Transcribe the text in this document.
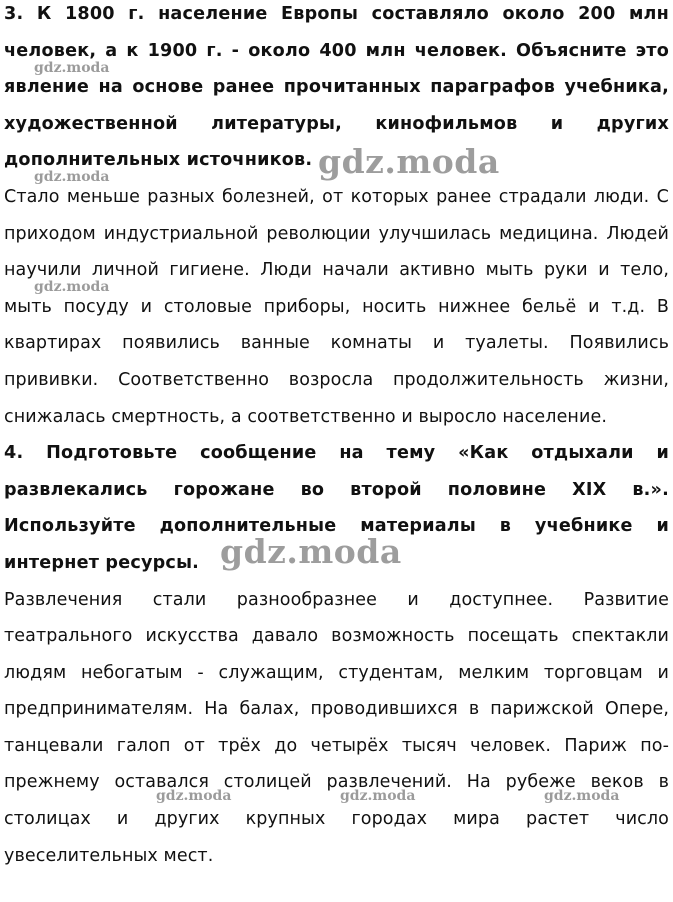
3. К 1800 г. население Европы составляло около 200 млн человек, а к 1900 г. - около 400 млн человек. Объясните это явление на основе ранее прочитанных параграфов учебника, художественной литературы, кинофильмов и других дополнительных источников.

Стало меньше разных болезней, от которых ранее страдали люди. С приходом индустриальной революции улучшилась медицина. Людей научили личной гигиене. Люди начали активно мыть руки и тело, мыть посуду и столовые приборы, носить нижнее бельё и т.д. В квартирах появились ванные комнаты и туалеты. Появились прививки. Соответственно возросла продолжительность жизни, снижалась смертность, а соответственно и выросло население.

4. Подготовьте сообщение на тему «Как отдыхали и развлекались горожане во второй половине XIX в.». Используйте дополнительные материалы в учебнике и интернет ресурсы.

Развлечения стали разнообразнее и доступнее. Развитие театрального искусства давало возможность посещать спектакли людям небогатым - служащим, студентам, мелким торговцам и предпринимателям. На балах, проводившихся в парижской Опере, танцевали галоп от трёх до четырёх тысяч человек. Париж по-прежнему оставался столицей развлечений. На рубеже веков в столицах и других крупных городах мира растет число увеселительных мест.

gdz.moda
gdz.moda
gdz.moda
gdz.moda
gdz.moda
gdz.moda	gdz.moda	gdz.moda
